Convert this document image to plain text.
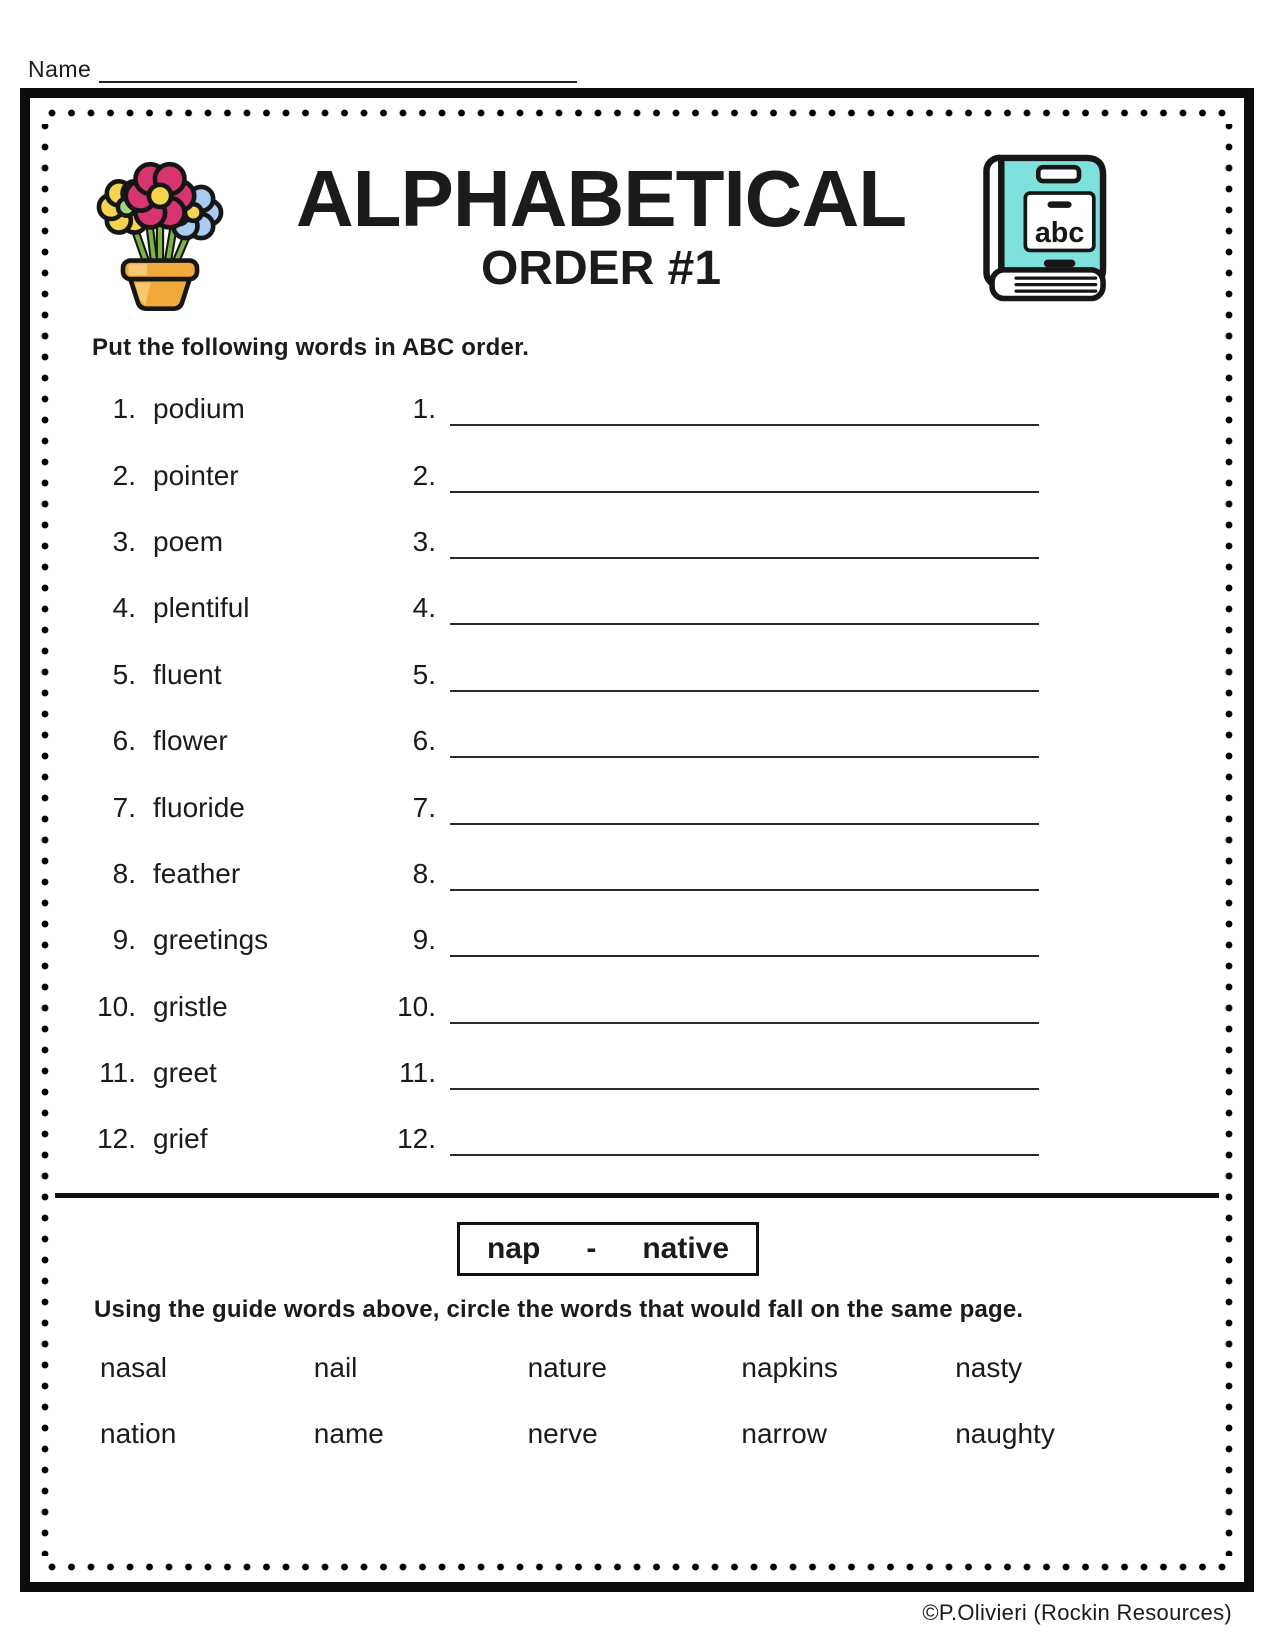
Name
ALPHABETICAL
ORDER #1
abc
Put the following words in ABC order.
1. podium
2. pointer
3. poem
4. plentiful
5. fluent
6. flower
7. fluoride
8. feather
9. greetings
10. gristle
11. greet
12. grief
1.
2.
3.
4.
5.
6.
7.
8.
9.
10.
11.
12.
nap - native
Using the guide words above, circle the words that would fall on the same page.
nasal	nail	nature	napkins	nasty
nation	name	nerve	narrow	naughty
©P.Olivieri (Rockin Resources)
